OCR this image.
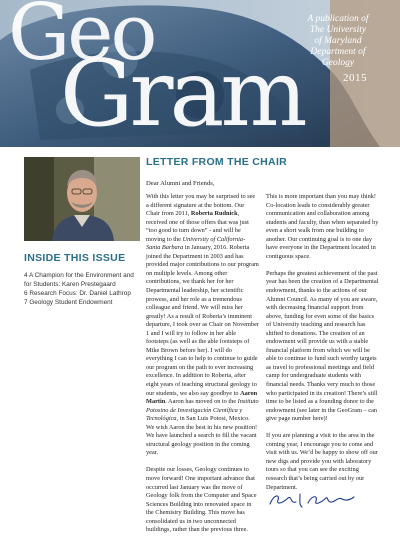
Geo
Gram
A publication of
The University
of Maryland
Department of
Geology
2015
INSIDE THIS ISSUE
4 A Champion for the Environment and
for Students: Karen Prestegaard
6 Research Focus: Dr. Daniel Lathrop
7 Geology Student Endowment
LETTER FROM THE CHAIR
Dear Alumni and Friends,

With this letter you may be surprised to see a different signature at the bottom. Our Chair from 2011, Roberta Rudnick, received one of those offers that was just “too good to turn down” - and will be moving to the University of California-Santa Barbara in January, 2016. Roberta joined the Department in 2003 and has provided major contributions to our program on multiple levels. Among other contributions, we thank her for her Departmental leadership, her scientific prowess, and her role as a tremendous colleague and friend. We will miss her greatly! As a result of Roberta’s imminent departure, I took over as Chair on November 1 and I will try to follow in her able footsteps (as well as the able footsteps of Mike Brown before her). I will do everything I can to help to continue to guide our program on the path to ever increasing excellence. In addition to Roberta, after eight years of teaching structural geology to our students, we also say goodbye to Aaron Martin. Aaron has moved on to the Instituto Potosino de Investigación Científica y Tecnológica, in San Luis Potosi, Mexico. We wish Aaron the best in his new position! We have launched a search to fill the vacant structural geology position in the coming year.

Despite our losses, Geology continues to move forward! One important advance that occurred last January was the move of Geology folk from the Computer and Space Sciences Building into renovated space in the Chemistry Building. This move has consolidated us in two unconnected buildings, rather than the previous three.

This is more important than you may think! Co-location leads to considerably greater communication and collaboration among students and faculty, than when separated by even a short walk from one building to another. Our continuing goal is to one day have everyone in the Department located in contiguous space.

Perhaps the greatest achievement of the past year has been the creation of a Departmental endowment, thanks to the actions of our Alumni Council. As many of you are aware, with decreasing financial support from above, funding for even some of the basics of University teaching and research has shifted to donations. The creation of an endowment will provide us with a stable financial platform from which we will be able to continue to fund such worthy targets as travel to professional meetings and field camp for undergraduate students with financial needs. Thanks very much to those who participated in its creation! There’s still time to be listed as a founding donor to the endowment (see later in the GeoGram – can give page number here)!

If you are planning a visit to the area in the coming year, I encourage you to come and visit with us. We’d be happy to show off our new digs and provide you with laboratory tours so that you can see the exciting research that’s being carried out by our Department.
